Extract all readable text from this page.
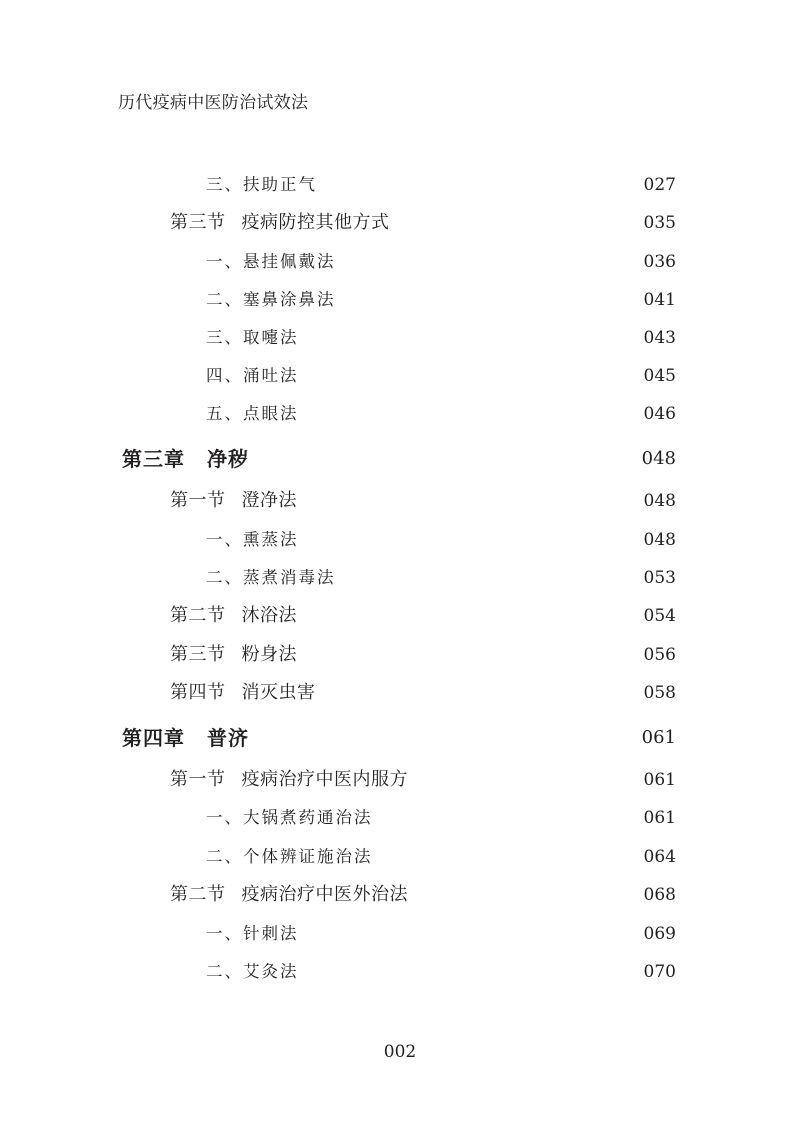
历代疫病中医防治试效法
三、扶助正气	027
第三节 疫病防控其他方式	035
一、悬挂佩戴法	036
二、塞鼻涂鼻法	041
三、取嚏法	043
四、涌吐法	045
五、点眼法	046
第三章 净秽	048
第一节 澄净法	048
一、熏蒸法	048
二、蒸煮消毒法	053
第二节 沐浴法	054
第三节 粉身法	056
第四节 消灭虫害	058
第四章 普济	061
第一节 疫病治疗中医内服方	061
一、大锅煮药通治法	061
二、个体辨证施治法	064
第二节 疫病治疗中医外治法	068
一、针刺法	069
二、艾灸法	070
002
